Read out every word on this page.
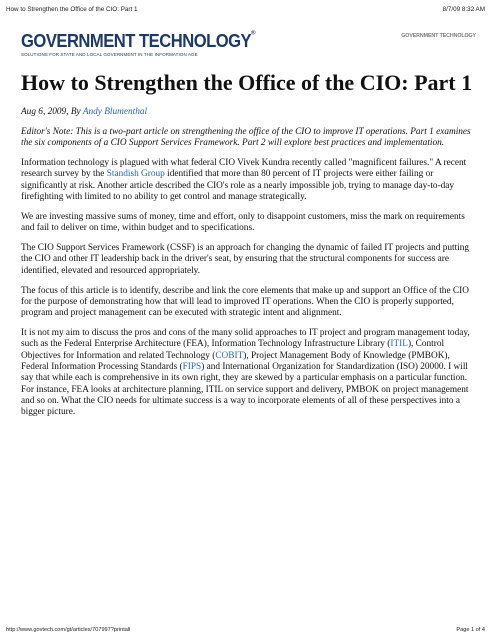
How to Strengthen the Office of the CIO: Part 1	8/7/09 8:32 AM
GOVERNMENT TECHNOLOGY®
SOLUTIONS FOR STATE AND LOCAL GOVERNMENT IN THE INFORMATION AGE
GOVERNMENT TECHNOLOGY
How to Strengthen the Office of the CIO: Part 1

Aug 6, 2009, By Andy Blumenthal

Editor's Note: This is a two-part article on strengthening the office of the CIO to improve IT operations. Part 1 examines the six components of a CIO Support Services Framework. Part 2 will explore best practices and implementation.

Information technology is plagued with what federal CIO Vivek Kundra recently called "magnificent failures." A recent research survey by the Standish Group identified that more than 80 percent of IT projects were either failing or significantly at risk. Another article described the CIO's role as a nearly impossible job, trying to manage day-to-day firefighting with limited to no ability to get control and manage strategically.

We are investing massive sums of money, time and effort, only to disappoint customers, miss the mark on requirements and fail to deliver on time, within budget and to specifications.

The CIO Support Services Framework (CSSF) is an approach for changing the dynamic of failed IT projects and putting the CIO and other IT leadership back in the driver's seat, by ensuring that the structural components for success are identified, elevated and resourced appropriately.

The focus of this article is to identify, describe and link the core elements that make up and support an Office of the CIO for the purpose of demonstrating how that will lead to improved IT operations. When the CIO is properly supported, program and project management can be executed with strategic intent and alignment.

It is not my aim to discuss the pros and cons of the many solid approaches to IT project and program management today, such as the Federal Enterprise Architecture (FEA), Information Technology Infrastructure Library (ITIL), Control Objectives for Information and related Technology (COBIT), Project Management Body of Knowledge (PMBOK), Federal Information Processing Standards (FIPS) and International Organization for Standardization (ISO) 20000. I will say that while each is comprehensive in its own right, they are skewed by a particular emphasis on a particular function. For instance, FEA looks at architecture planning, ITIL on service support and delivery, PMBOK on project management and so on. What the CIO needs for ultimate success is a way to incorporate elements of all of these perspectives into a bigger picture.

http://www.govtech.com/gt/articles/707997?printall	Page 1 of 4
